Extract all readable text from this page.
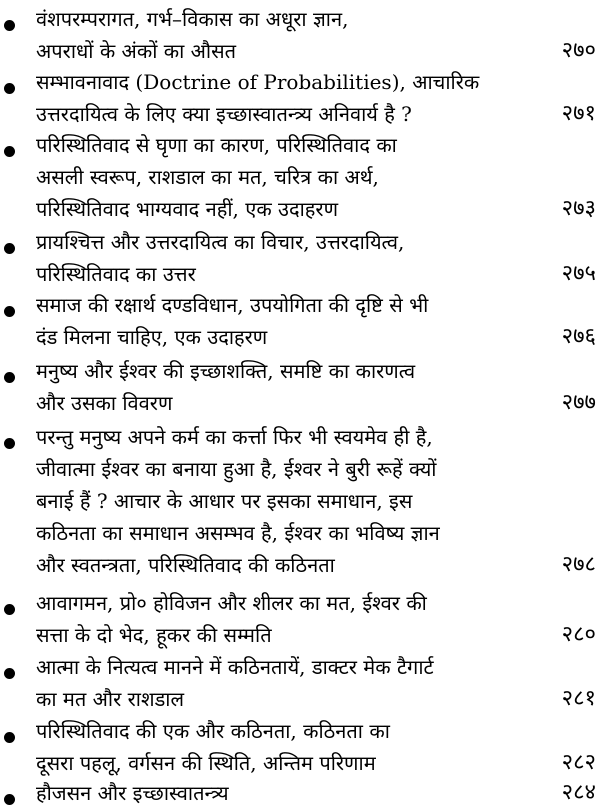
वंशपरम्परागत, गर्भ–विकास का अधूरा ज्ञान,
अपराधों के अंकों का औसत	२७०
सम्भावनावाद (Doctrine of Probabilities), आचारिक
उत्तरदायित्व के लिए क्या इच्छास्वातन्त्र्य अनिवार्य है ?	२७१
परिस्थितिवाद से घृणा का कारण, परिस्थितिवाद का
असली स्वरूप, राशडाल का मत, चरित्र का अर्थ,
परिस्थितिवाद भाग्यवाद नहीं, एक उदाहरण	२७३
प्रायश्चित्त और उत्तरदायित्व का विचार, उत्तरदायित्व,
परिस्थितिवाद का उत्तर	२७५
समाज की रक्षार्थ दण्डविधान, उपयोगिता की दृष्टि से भी
दंड मिलना चाहिए, एक उदाहरण	२७६
मनुष्य और ईश्वर की इच्छाशक्ति, समष्टि का कारणत्व
और उसका विवरण	२७७
परन्तु मनुष्य अपने कर्म का कर्त्ता फिर भी स्वयमेव ही है,
जीवात्मा ईश्वर का बनाया हुआ है, ईश्वर ने बुरी रूहें क्यों
बनाई हैं ? आचार के आधार पर इसका समाधान, इस
कठिनता का समाधान असम्भव है, ईश्वर का भविष्य ज्ञान
और स्वतन्त्रता, परिस्थितिवाद की कठिनता	२७८
आवागमन, प्रो० होविजन और शीलर का मत, ईश्वर की
सत्ता के दो भेद, हूकर की सम्मति	२८०
आत्मा के नित्यत्व मानने में कठिनतायें, डाक्टर मेक टैगार्ट
का मत और राशडाल	२८१
परिस्थितिवाद की एक और कठिनता, कठिनता का
दूसरा पहलू, वर्गसन की स्थिति, अन्तिम परिणाम	२८२
हौजसन और इच्छास्वातन्त्र्य	२८४
